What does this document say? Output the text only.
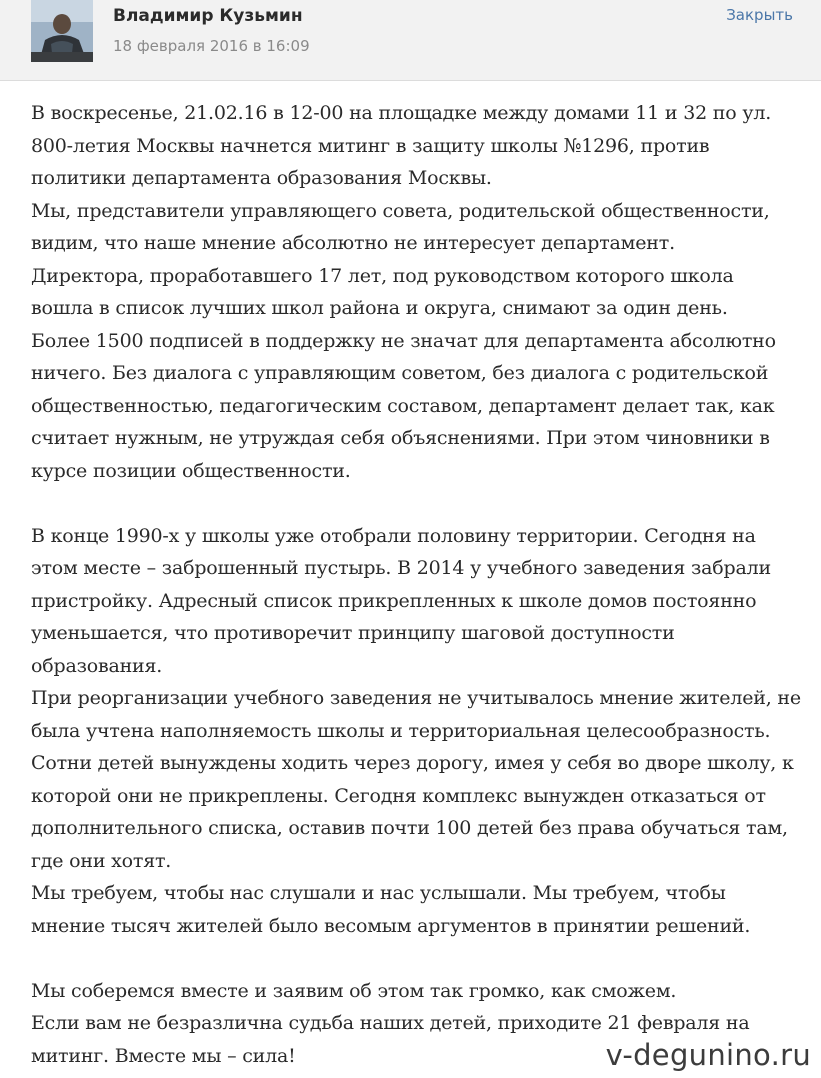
Владимир Кузьмин
18 февраля 2016 в 16:09
Закрыть

В воскресенье, 21.02.16 в 12-00 на площадке между домами 11 и 32 по ул. 800-летия Москвы начнется митинг в защиту школы №1296, против политики департамента образования Москвы.

Мы, представители управляющего совета, родительской общественности, видим, что наше мнение абсолютно не интересует департамент.

Директора, проработавшего 17 лет, под руководством которого школа вошла в список лучших школ района и округа, снимают за один день.

Более 1500 подписей в поддержку не значат для департамента абсолютно ничего. Без диалога с управляющим советом, без диалога с родительской общественностью, педагогическим составом, департамент делает так, как считает нужным, не утруждая себя объяснениями. При этом чиновники в курсе позиции общественности.

В конце 1990-х у школы уже отобрали половину территории. Сегодня на этом месте – заброшенный пустырь. В 2014 у учебного заведения забрали пристройку. Адресный список прикрепленных к школе домов постоянно уменьшается, что противоречит принципу шаговой доступности образования.

При реорганизации учебного заведения не учитывалось мнение жителей, не была учтена наполняемость школы и территориальная целесообразность. Сотни детей вынуждены ходить через дорогу, имея у себя во дворе школу, к которой они не прикреплены. Сегодня комплекс вынужден отказаться от дополнительного списка, оставив почти 100 детей без права обучаться там, где они хотят.

Мы требуем, чтобы нас слушали и нас услышали. Мы требуем, чтобы мнение тысяч жителей было весомым аргументов в принятии решений.

Мы соберемся вместе и заявим об этом так громко, как сможем.

Если вам не безразлична судьба наших детей, приходите 21 февраля на митинг. Вместе мы – сила!	v-degunino.ru
